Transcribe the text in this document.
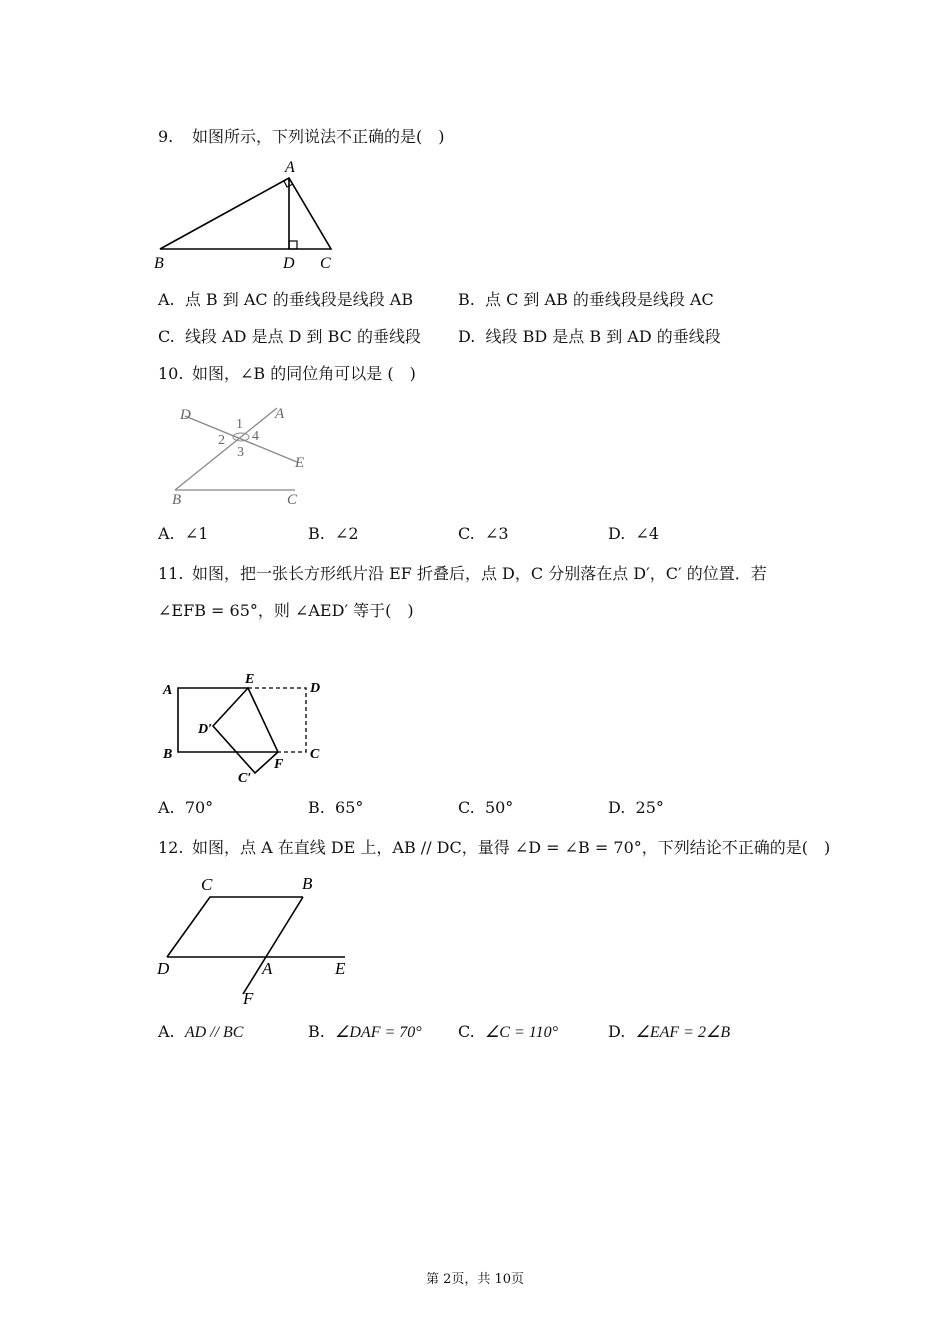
9. 如图所示，下列说法不正确的是(　)
A
B	D C
A. 点 B 到 AC 的垂线段是线段 AB	B. 点 C 到 AB 的垂线段是线段 AC
C. 线段 AD 是点 D 到 BC 的垂线段 D. 线段 BD 是点 B 到 AD 的垂线段
10. 如图，∠B 的同位角可以是 (　)
D	A
E
B	C
1
2
3
4
A. ∠1	B. ∠2	C. ∠3	D. ∠4
11. 如图，把一张长方形纸片沿 EF 折叠后，点 D，C 分别落在点 D′，C′ 的位置．若
∠EFB = 65°，则 ∠AED′ 等于(　)
A
E
D
D′
B	C
C′
F
A. 70°	B. 65°	C. 50°	D. 25°
12. 如图，点 A 在直线 DE 上，AB // DC，量得 ∠D = ∠B = 70°，下列结论不正确的是(　)
C	B
D	A	E
F
A. AD // BC	B. ∠DAF = 70° C. ∠C = 110°	D. ∠EAF = 2∠B
第 2页，共 10页
